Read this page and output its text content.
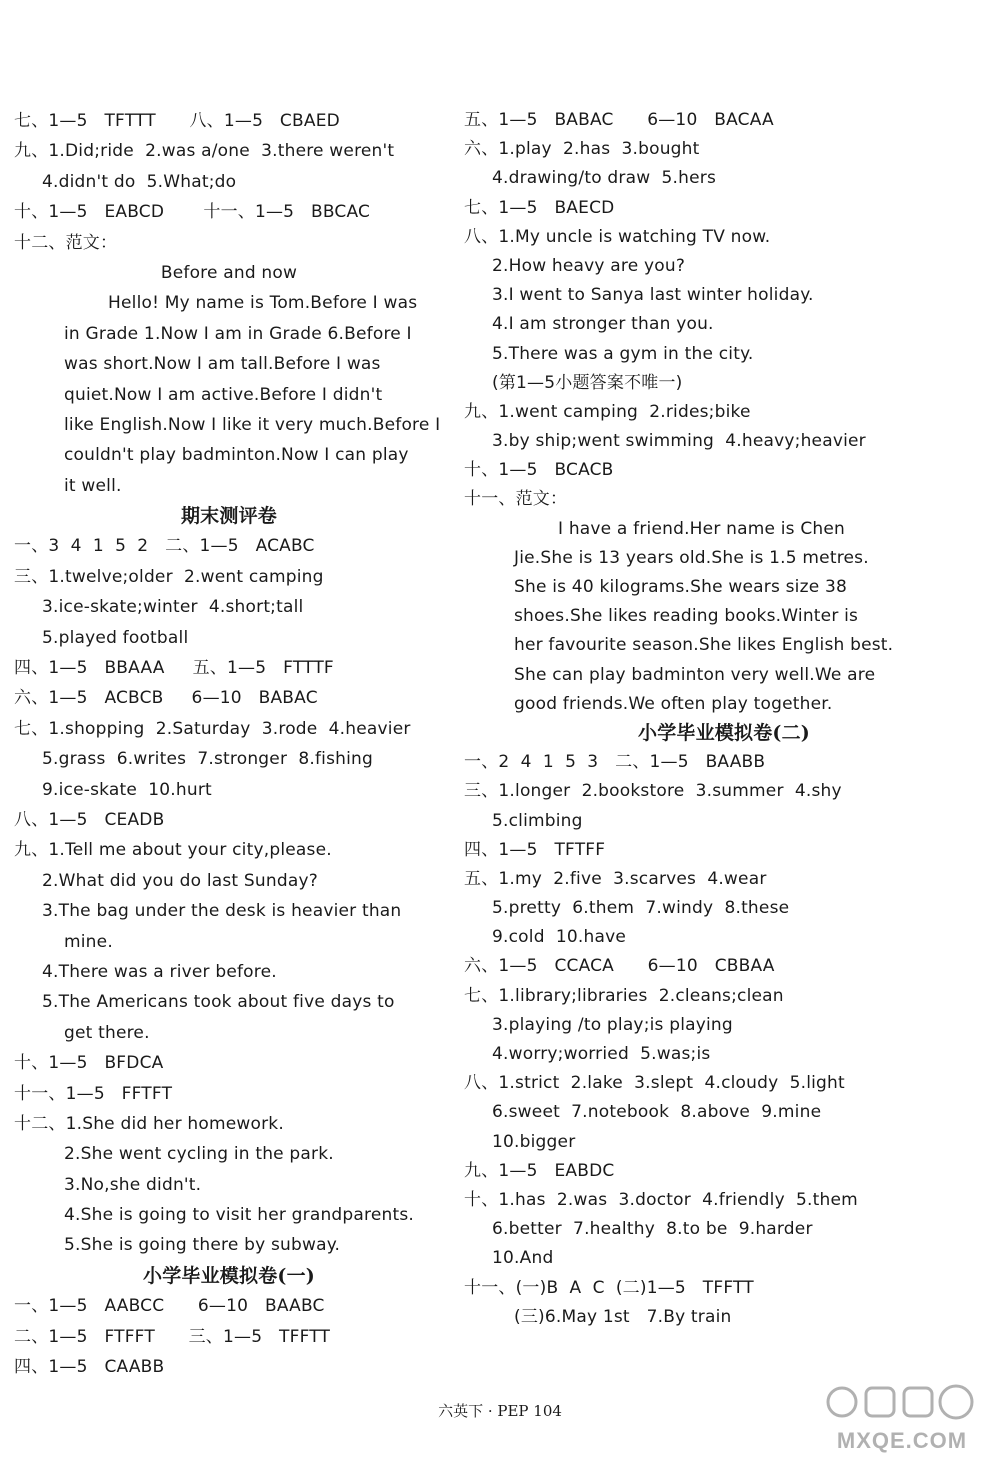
七、1—5   TFTTT      八、1—5   CBAED
九、1.Did;ride  2.was a/one  3.there weren't
4.didn't do  5.What;do
十、1—5   EABCD       十一、1—5   BBCAC
十二、范文：
Before and now
Hello! My name is Tom.Before I was
in Grade 1.Now I am in Grade 6.Before I
was short.Now I am tall.Before I was
quiet.Now I am active.Before I didn't
like English.Now I like it very much.Before I
couldn't play badminton.Now I can play
it well.
期末测评卷
一、3  4  1  5  2   二、1—5   ACABC
三、1.twelve;older  2.went camping
3.ice-skate;winter  4.short;tall
5.played football
四、1—5   BBAAA     五、1—5   FTTTF
六、1—5   ACBCB     6—10   BABAC
七、1.shopping  2.Saturday  3.rode  4.heavier
5.grass  6.writes  7.stronger  8.fishing
9.ice-skate  10.hurt
八、1—5   CEADB
九、1.Tell me about your city,please.
2.What did you do last Sunday?
3.The bag under the desk is heavier than
mine.
4.There was a river before.
5.The Americans took about five days to
get there.
十、1—5   BFDCA
十一、1—5   FFTFT
十二、1.She did her homework.
2.She went cycling in the park.
3.No,she didn't.
4.She is going to visit her grandparents.
5.She is going there by subway.
小学毕业模拟卷(一)
一、1—5   AABCC      6—10   BAABC
二、1—5   FTFFT      三、1—5   TFFTT
四、1—5   CAABB
五、1—5   BABAC      6—10   BACAA
六、1.play  2.has  3.bought
4.drawing/to draw  5.hers
七、1—5   BAECD
八、1.My uncle is watching TV now.
2.How heavy are you?
3.I went to Sanya last winter holiday.
4.I am stronger than you.
5.There was a gym in the city.
(第1—5小题答案不唯一)
九、1.went camping  2.rides;bike
3.by ship;went swimming  4.heavy;heavier
十、1—5   BCACB
十一、范文：
I have a friend.Her name is Chen
Jie.She is 13 years old.She is 1.5 metres.
She is 40 kilograms.She wears size 38
shoes.She likes reading books.Winter is
her favourite season.She likes English best.
She can play badminton very well.We are
good friends.We often play together.
小学毕业模拟卷(二)
一、2  4  1  5  3   二、1—5   BAABB
三、1.longer  2.bookstore  3.summer  4.shy
5.climbing
四、1—5   TFTFF
五、1.my  2.five  3.scarves  4.wear
5.pretty  6.them  7.windy  8.these
9.cold  10.have
六、1—5   CCACA      6—10   CBBAA
七、1.library;libraries  2.cleans;clean
3.playing /to play;is playing
4.worry;worried  5.was;is
八、1.strict  2.lake  3.slept  4.cloudy  5.light
6.sweet  7.notebook  8.above  9.mine
10.bigger
九、1—5   EABDC
十、1.has  2.was  3.doctor  4.friendly  5.them
6.better  7.healthy  8.to be  9.harder
10.And
十一、(一)B  A  C  (二)1—5   TFFTT
(三)6.May 1st   7.By train
六英下 · PEP 104
MXQE.COM
